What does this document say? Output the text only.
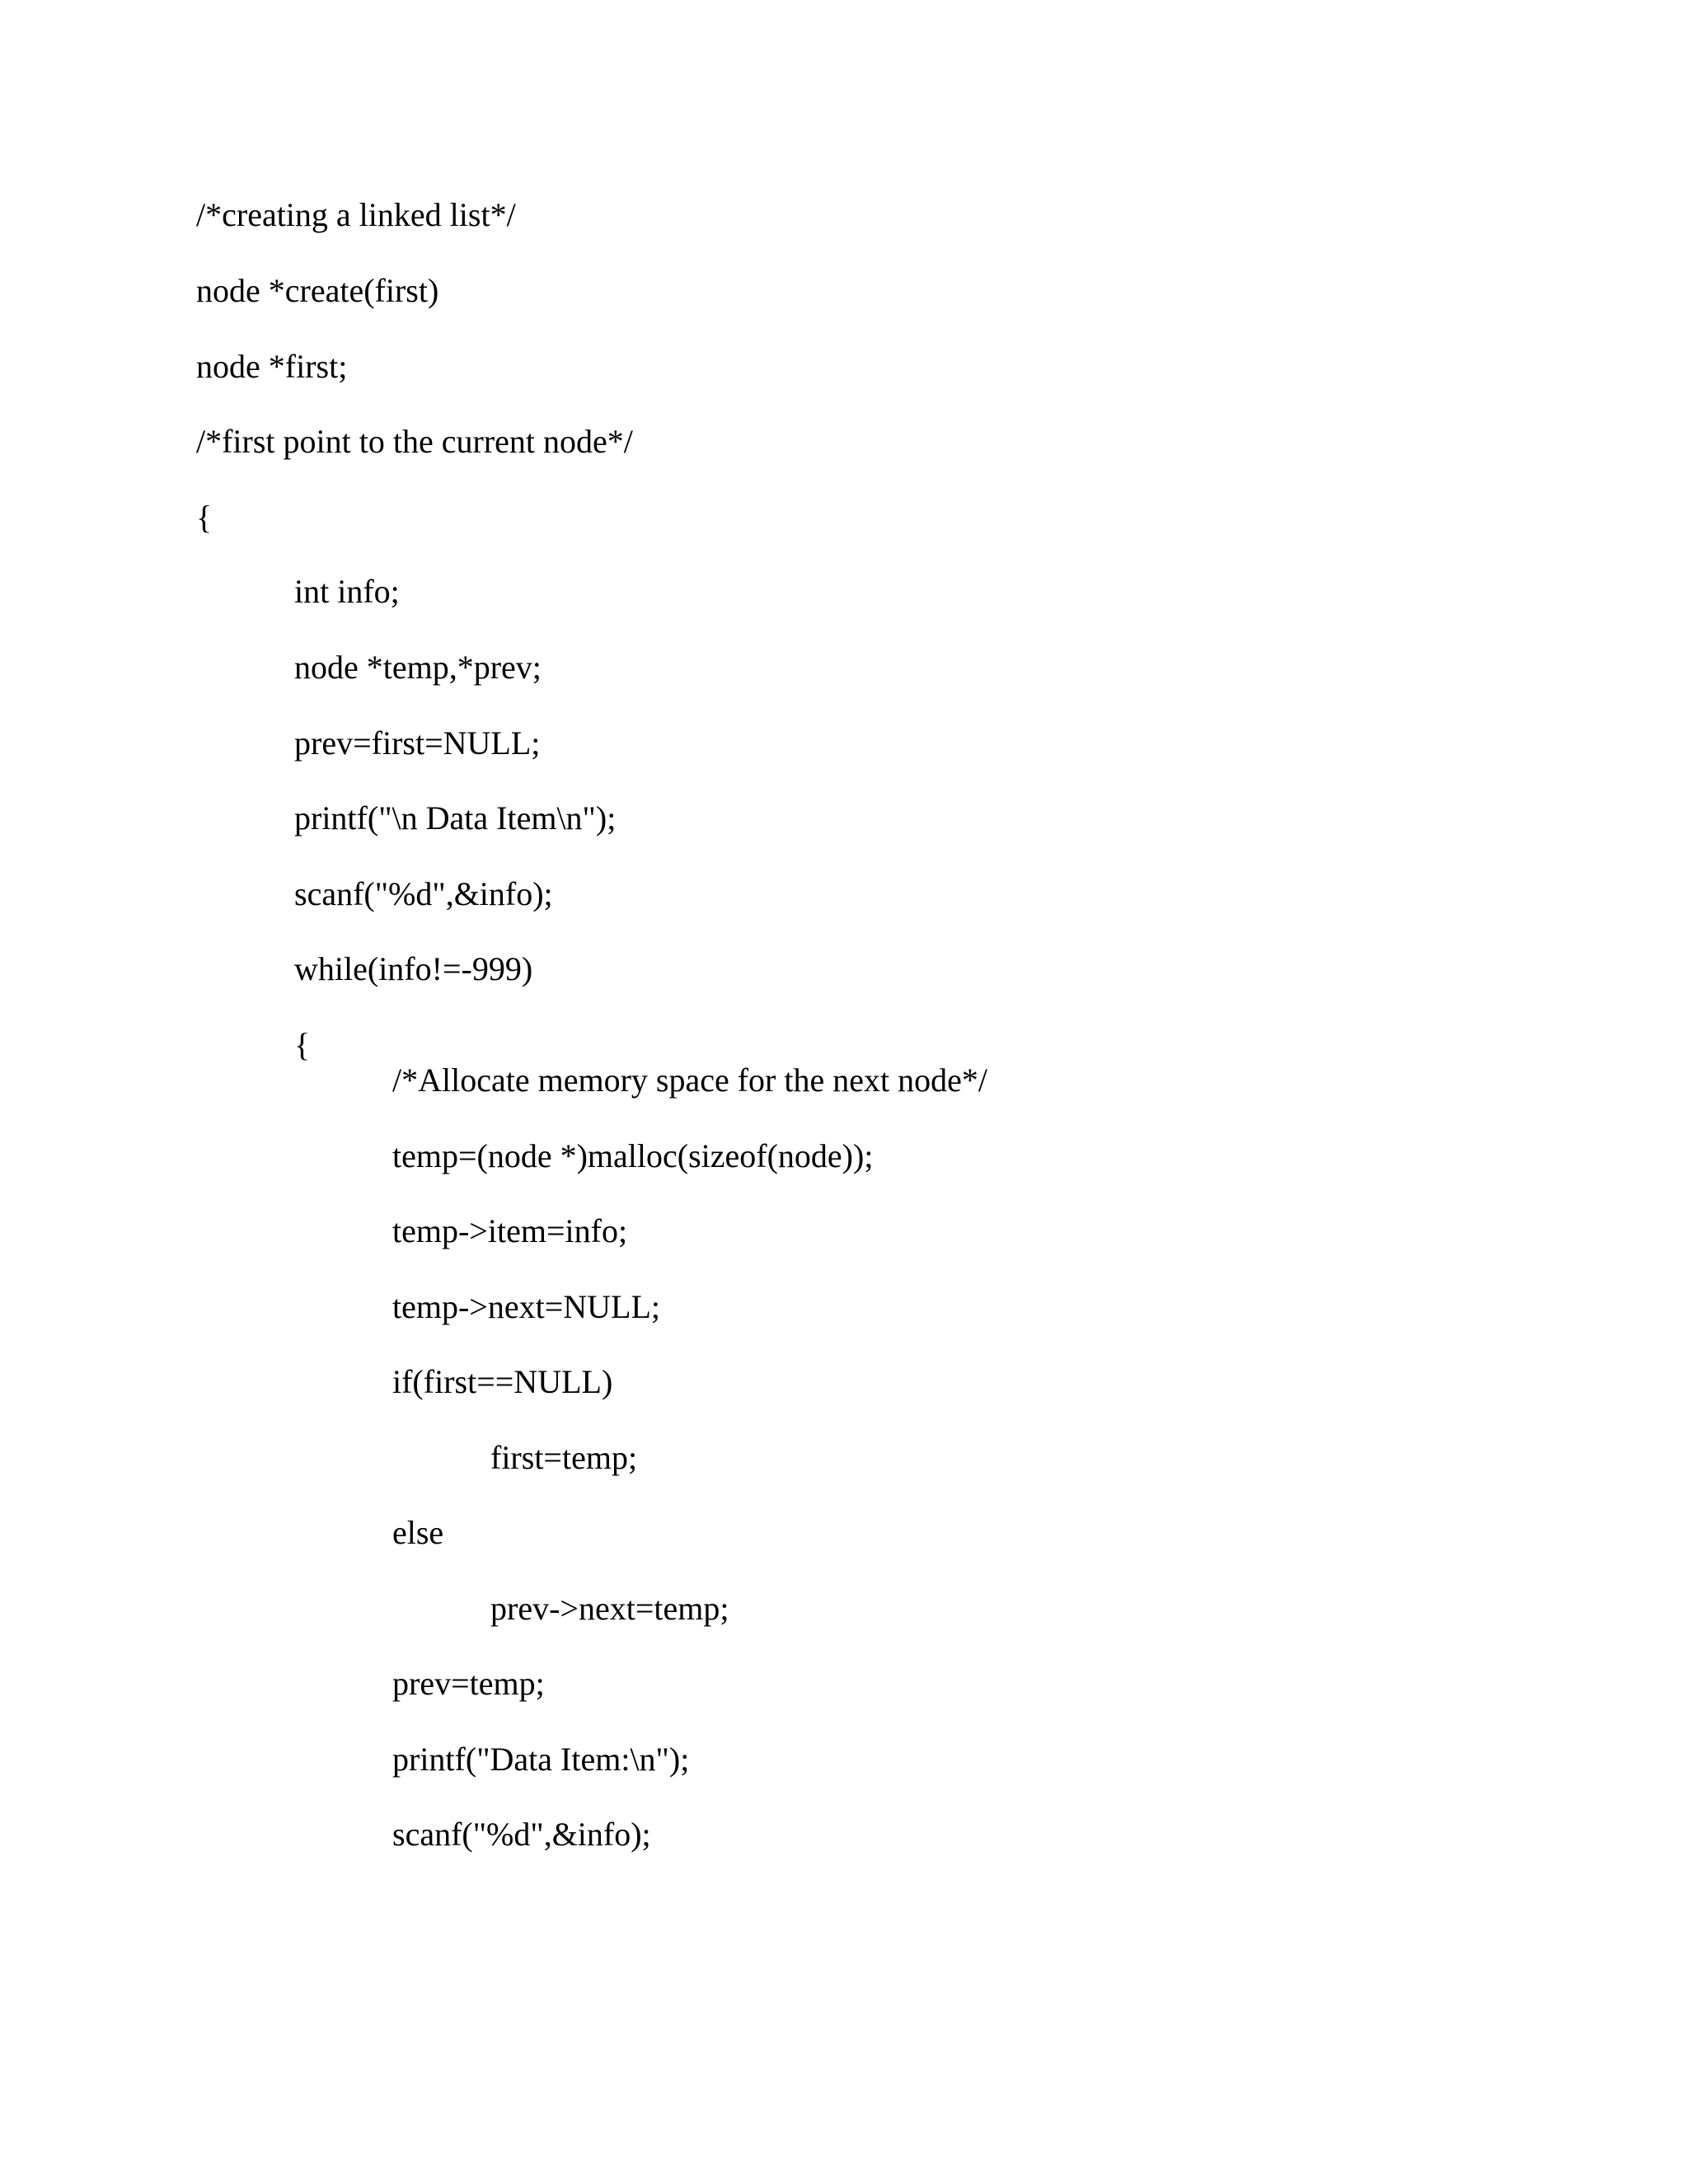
/*creating a linked list*/

node *create(first)

node *first;

/*first point to the current node*/

{

int info;

node *temp,*prev;

prev=first=NULL;

printf("\n Data Item\n");

scanf("%d",&info);

while(info!=-999)

{

/*Allocate memory space for the next node*/

temp=(node *)malloc(sizeof(node));

temp->item=info;

temp->next=NULL;

if(first==NULL)

first=temp;

else

prev->next=temp;

prev=temp;

printf("Data Item:\n");

scanf("%d",&info);
